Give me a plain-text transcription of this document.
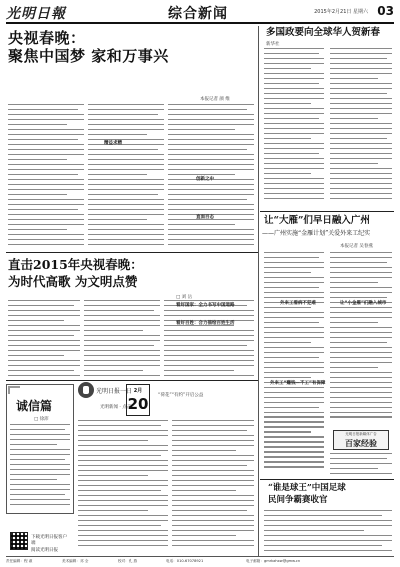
光明日報	综合新闻	2015年2月21日 星期六 03
央视春晚：
聚焦中国梦 家和万事兴
本报记者 颜 维
精益求精
创新之中
直面百态
多国政要向全球华人贺新春
新华社
让“大雁”们早日融入广州
——广州实施“金雁计划”关爱外来工纪实
本报记者 吴春燕
外来工看病不犯难
外来工“赚钱—不工”有保障
让“小金雁”们融入城市
光明日报新媒体广告
百家经验
“谁是球王”中国足球
民间争霸赛收官
直击2015年央视春晚：
为时代高歌 为文明点赞
□ 刘 岳
看好国家：全力书写中国道路
看好百姓：合力描绘百姓生活
诚信篇
□ 徐沛
下载光明日报客户端
阅读光明日报
光明日报一日
光明新闻 · 点击
2月
20 “荷花”“有约”开启公益
责任编辑：程 淑	美术编辑：邓 全	校对：孔 燕	电话：010-67078921	电子邮箱：gmrbzhxw@gmw.cn
